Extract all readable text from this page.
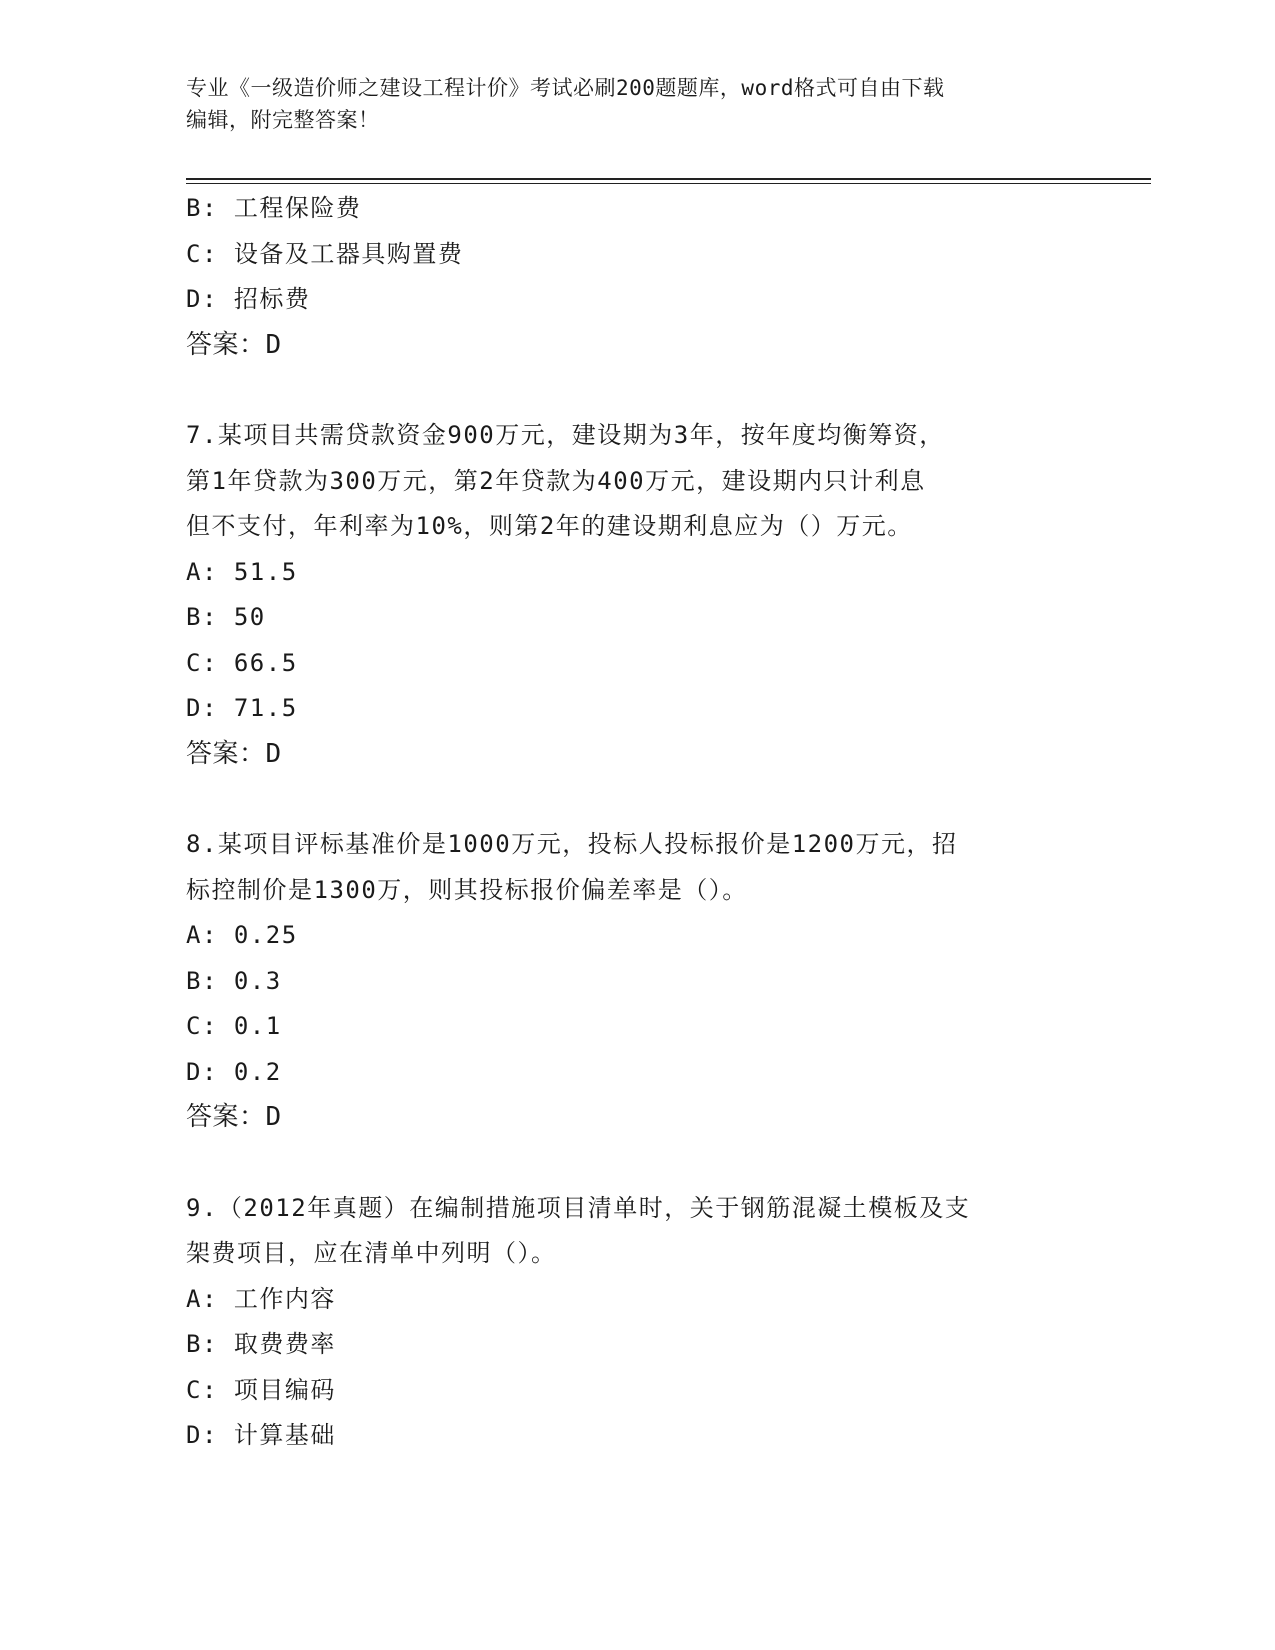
专业《一级造价师之建设工程计价》考试必刷200题题库，word格式可自由下载
编辑，附完整答案！
B: 工程保险费
C: 设备及工器具购置费
D: 招标费
答案：D
7.某项目共需贷款资金900万元，建设期为3年，按年度均衡筹资，
第1年贷款为300万元，第2年贷款为400万元，建设期内只计利息
但不支付，年利率为10%，则第2年的建设期利息应为（）万元。
A: 51.5
B: 50
C: 66.5
D: 71.5
答案：D
8.某项目评标基准价是1000万元，投标人投标报价是1200万元，招
标控制价是1300万，则其投标报价偏差率是（）。
A: 0.25
B: 0.3
C: 0.1
D: 0.2
答案：D
9.（2012年真题）在编制措施项目清单时，关于钢筋混凝土模板及支
架费项目，应在清单中列明（）。
A: 工作内容
B: 取费费率
C: 项目编码
D: 计算基础
